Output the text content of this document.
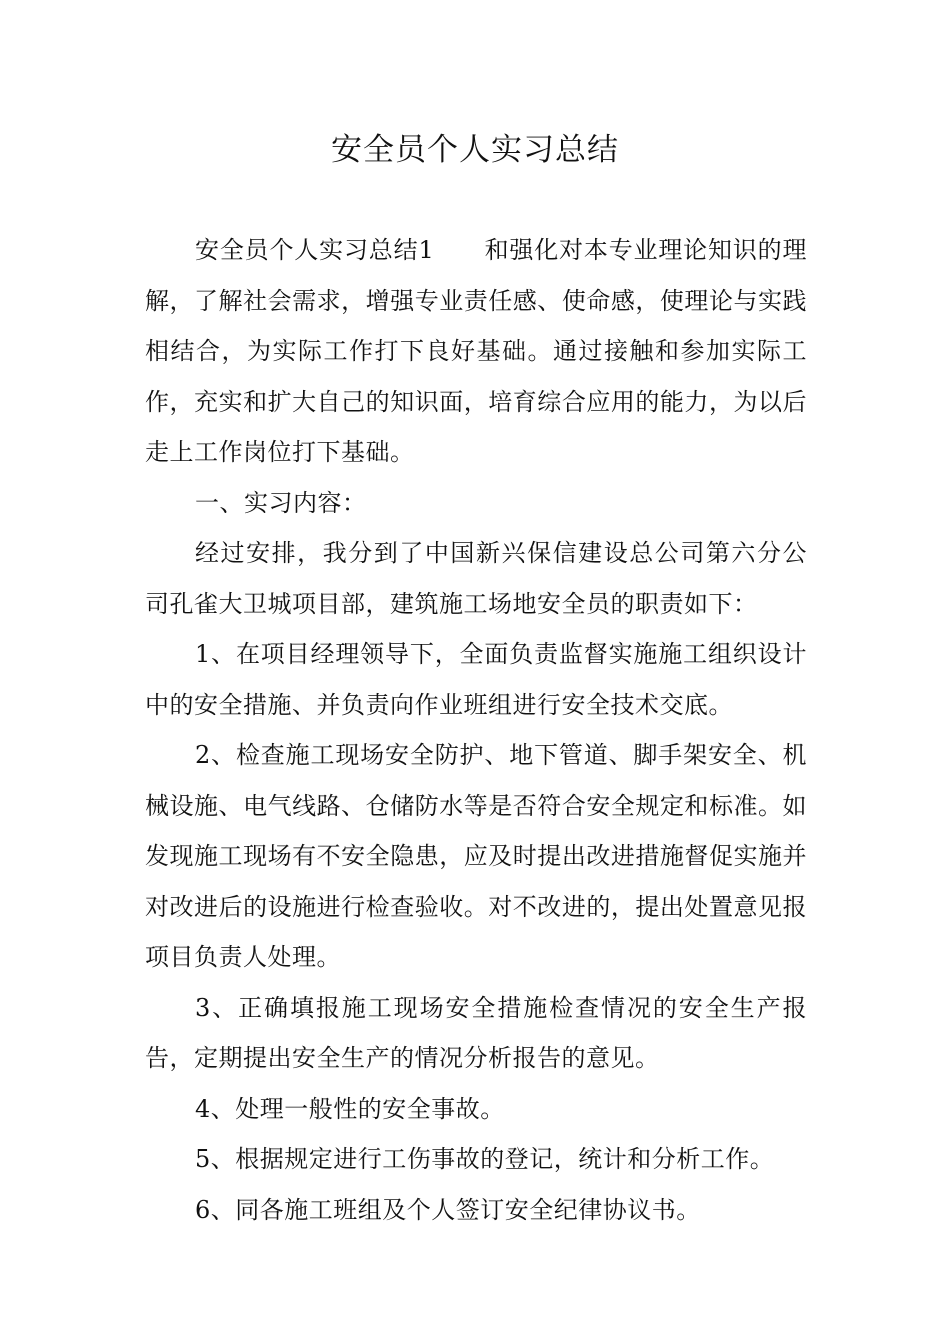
安全员个人实习总结

安全员个人实习总结1 和强化对本专业理论知识的理解，了解社会需求，增强专业责任感、使命感，使理论与实践相结合，为实际工作打下良好基础。通过接触和参加实际工作，充实和扩大自己的知识面，培育综合应用的能力，为以后走上工作岗位打下基础。

一、实习内容：

经过安排，我分到了中国新兴保信建设总公司第六分公司孔雀大卫城项目部，建筑施工场地安全员的职责如下：

1、在项目经理领导下，全面负责监督实施施工组织设计中的安全措施、并负责向作业班组进行安全技术交底。

2、检查施工现场安全防护、地下管道、脚手架安全、机械设施、电气线路、仓储防水等是否符合安全规定和标准。如发现施工现场有不安全隐患，应及时提出改进措施督促实施并对改进后的设施进行检查验收。对不改进的，提出处置意见报项目负责人处理。

3、正确填报施工现场安全措施检查情况的安全生产报告，定期提出安全生产的情况分析报告的意见。

4、处理一般性的安全事故。

5、根据规定进行工伤事故的登记，统计和分析工作。

6、同各施工班组及个人签订安全纪律协议书。
